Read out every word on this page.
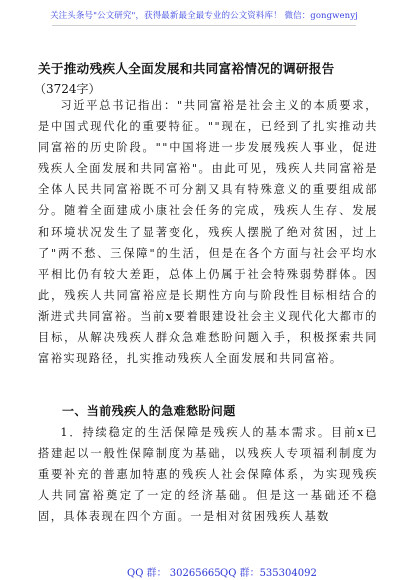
关注头条号"公文研究"，获得最新最全最专业的公文资料库！ 微信：gongwenyj
关于推动残疾人全面发展和共同富裕情况的调研报告
（3724字）

习近平总书记指出："共同富裕是社会主义的本质要求，是中国式现代化的重要特征。""现在，已经到了扎实推动共同富裕的历史阶段。""中国将进一步发展残疾人事业，促进残疾人全面发展和共同富裕"。由此可见，残疾人共同富裕是全体人民共同富裕既不可分割又具有特殊意义的重要组成部分。随着全面建成小康社会任务的完成，残疾人生存、发展和环境状况发生了显著变化，残疾人摆脱了绝对贫困，过上了"两不愁、三保障"的生活，但是在各个方面与社会平均水平相比仍有较大差距，总体上仍属于社会特殊弱势群体。因此，残疾人共同富裕应是长期性方向与阶段性目标相结合的渐进式共同富裕。当前x要着眼建设社会主义现代化大都市的目标，从解决残疾人群众急难愁盼问题入手，积极探索共同富裕实现路径，扎实推动残疾人全面发展和共同富裕。

一、当前残疾人的急难愁盼问题

1．持续稳定的生活保障是残疾人的基本需求。目前x已搭建起以一般性保障制度为基础，以残疾人专项福利制度为重要补充的普惠加特惠的残疾人社会保障体系，为实现残疾人共同富裕奠定了一定的经济基础。但是这一基础还不稳固，具体表现在四个方面。一是相对贫困残疾人基数

QQ 群： 30265665 QQ 群：535304092
